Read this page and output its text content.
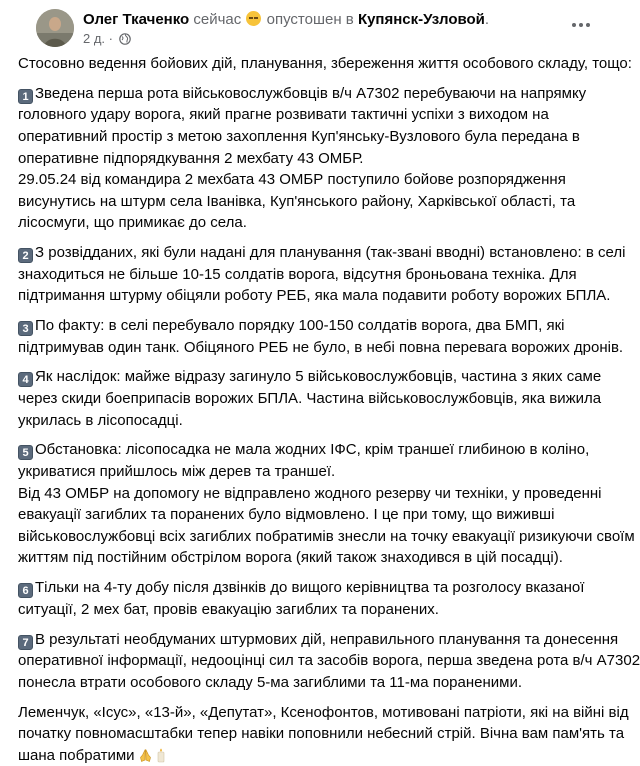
Олег Ткаченко сейчас опустошен в Купянск-Узловой.
2 д. ·

Стосовно ведення бойових дій, планування, збереження життя особового складу, тощо:

1 Зведена перша рота військовослужбовців в/ч А7302 перебуваючи на напрямку
головного удару ворога, який прагне розвивати тактичні успіхи з виходом на
оперативний простір з метою захоплення Куп'янську-Вузлового була передана в
оперативне підпорядкування 2 мехбату 43 ОМБР.
29.05.24 від командира 2 мехбата 43 ОМБР поступило бойове розпорядження
висунутись на штурм села Іванівка, Куп'янського району, Харківської області, та
лісосмуги, що примикає до села.

2 З розвідданих, які були надані для планування (так-звані вводні) встановлено: в селі
знаходиться не більше 10-15 солдатів ворога, відсутня броньована техніка. Для
підтримання штурму обіцяли роботу РЕБ, яка мала подавити роботу ворожих БПЛА.

3 По факту: в селі перебувало порядку 100-150 солдатів ворога, два БМП, які
підтримував один танк. Обіцяного РЕБ не було, в небі повна перевага ворожих дронів.

4 Як наслідок: майже відразу загинуло 5 військовослужбовців, частина з яких саме
через скиди боеприпасів ворожих БПЛА. Частина військовослужбовців, яка вижила
укрилась в лісопосадці.

5 Обстановка: лісопосадка не мала жодних ІФС, крім траншеї глибиною в коліно,
укриватися прийшлось між дерев та траншеї.
Від 43 ОМБР на допомогу не відправлено жодного резерву чи техніки, у проведенні
евакуації загиблих та поранених було відмовлено. І це при тому, що виживші
військовослужбовці всіх загиблих побратимів знесли на точку евакуації ризикуючи своїм
життям під постійним обстрілом ворога (який також знаходився в цій посадці).

6 Тільки на 4-ту добу після дзвінків до вищого керівництва та розголосу вказаної
ситуації, 2 мех бат, провів евакуацію загиблих та поранених.

7 В результаті необдуманих штурмових дій, неправильного планування та донесення
оперативної інформації, недооцінці сил та засобів ворога, перша зведена рота в/ч А7302
понесла втрати особового складу 5-ма загиблими та 11-ма пораненими.

Леменчук, «Ісус», «13-й», «Депутат», Ксенофонтов, мотивовані патріоти, які на війні від
початку повномасштабки тепер навіки поповнили небесний стрій. Вічна вам пам'ять та
шана побратими
